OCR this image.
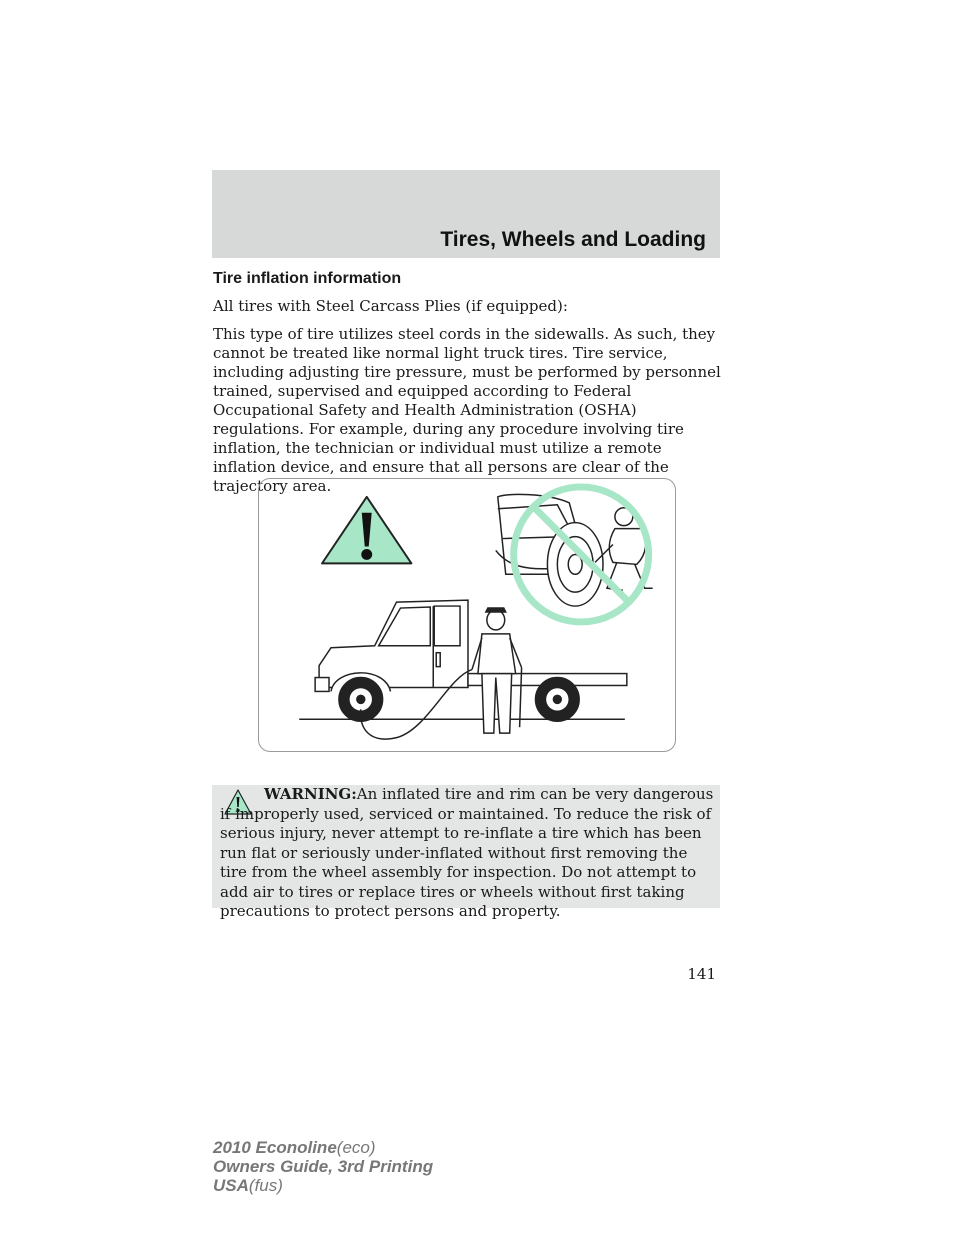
Tires, Wheels and Loading
Tire inflation information

All tires with Steel Carcass Plies (if equipped):

This type of tire utilizes steel cords in the sidewalls. As such, they cannot be treated like normal light truck tires. Tire service, including adjusting tire pressure, must be performed by personnel trained, supervised and equipped according to Federal Occupational Safety and Health Administration (OSHA) regulations. For example, during any procedure involving tire inflation, the technician or individual must utilize a remote inflation device, and ensure that all persons are clear of the trajectory area.

WARNING:An inflated tire and rim can be very dangerous if improperly used, serviced or maintained. To reduce the risk of serious injury, never attempt to re-inflate a tire which has been run flat or seriously under-inflated without first removing the tire from the wheel assembly for inspection. Do not attempt to add air to tires or replace tires or wheels without first taking precautions to protect persons and property.

141
2010 Econoline(eco)
Owners Guide, 3rd Printing
USA(fus)
